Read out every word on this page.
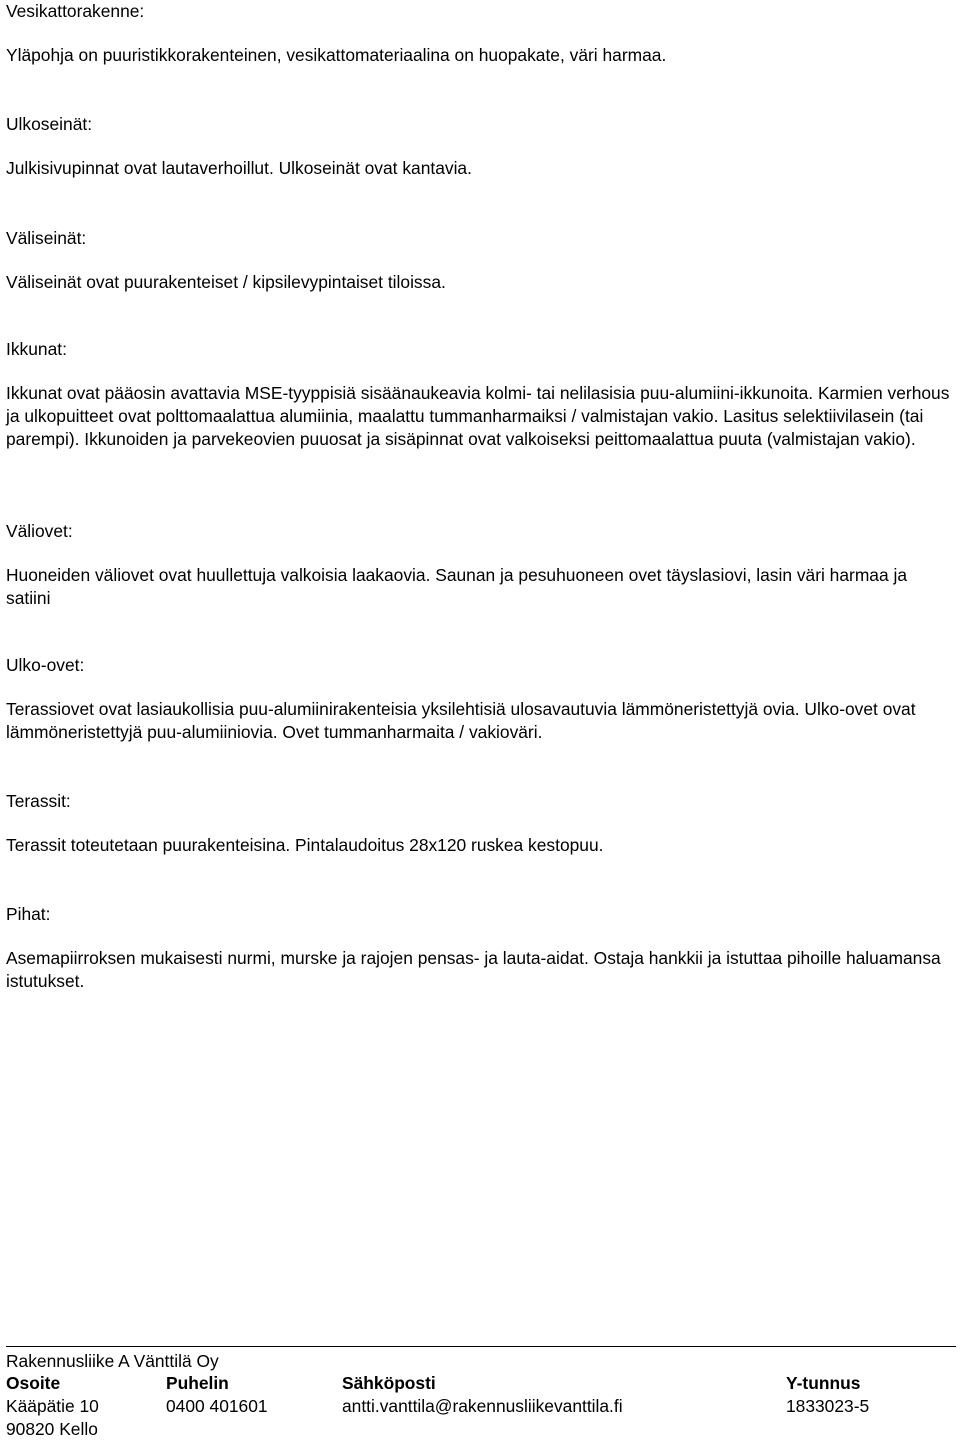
Vesikattorakenne:

Yläpohja on puuristikkorakenteinen, vesikattomateriaalina on huopakate, väri harmaa.

Ulkoseinät:

Julkisivupinnat ovat lautaverhoillut. Ulkoseinät ovat kantavia.

Väliseinät:

Väliseinät ovat puurakenteiset / kipsilevypintaiset tiloissa.

Ikkunat:

Ikkunat ovat pääosin avattavia MSE-tyyppisiä sisäänaukeavia kolmi- tai nelilasisia puu-alumiini-ikkunoita. Karmien verhous ja ulkopuitteet ovat polttomaalattua alumiinia, maalattu tummanharmaiksi / valmistajan vakio. Lasitus selektiivilasein (tai parempi). Ikkunoiden ja parvekeovien puuosat ja sisäpinnat ovat valkoiseksi peittomaalattua puuta (valmistajan vakio).

Väliovet:

Huoneiden väliovet ovat huullettuja valkoisia laakaovia. Saunan ja pesuhuoneen ovet täyslasiovi, lasin väri harmaa ja satiini

Ulko-ovet:

Terassiovet ovat lasiaukollisia puu-alumiinirakenteisia yksilehtisiä ulosavautuvia lämmöneristettyjä ovia. Ulko-ovet ovat lämmöneristettyjä puu-alumiiniovia. Ovet tummanharmaita / vakioväri.

Terassit:

Terassit toteutetaan puurakenteisina. Pintalaudoitus 28x120 ruskea kestopuu.

Pihat:

Asemapiirroksen mukaisesti nurmi, murske ja rajojen pensas- ja lauta-aidat. Ostaja hankkii ja istuttaa pihoille haluamansa istutukset.

Rakennusliike A Vänttilä Oy

Osoite	Puhelin	Sähköposti	Y-tunnus
Kääpätie 10	0400 401601	antti.vanttila@rakennusliikevanttila.fi	1833023-5
90820 Kello
